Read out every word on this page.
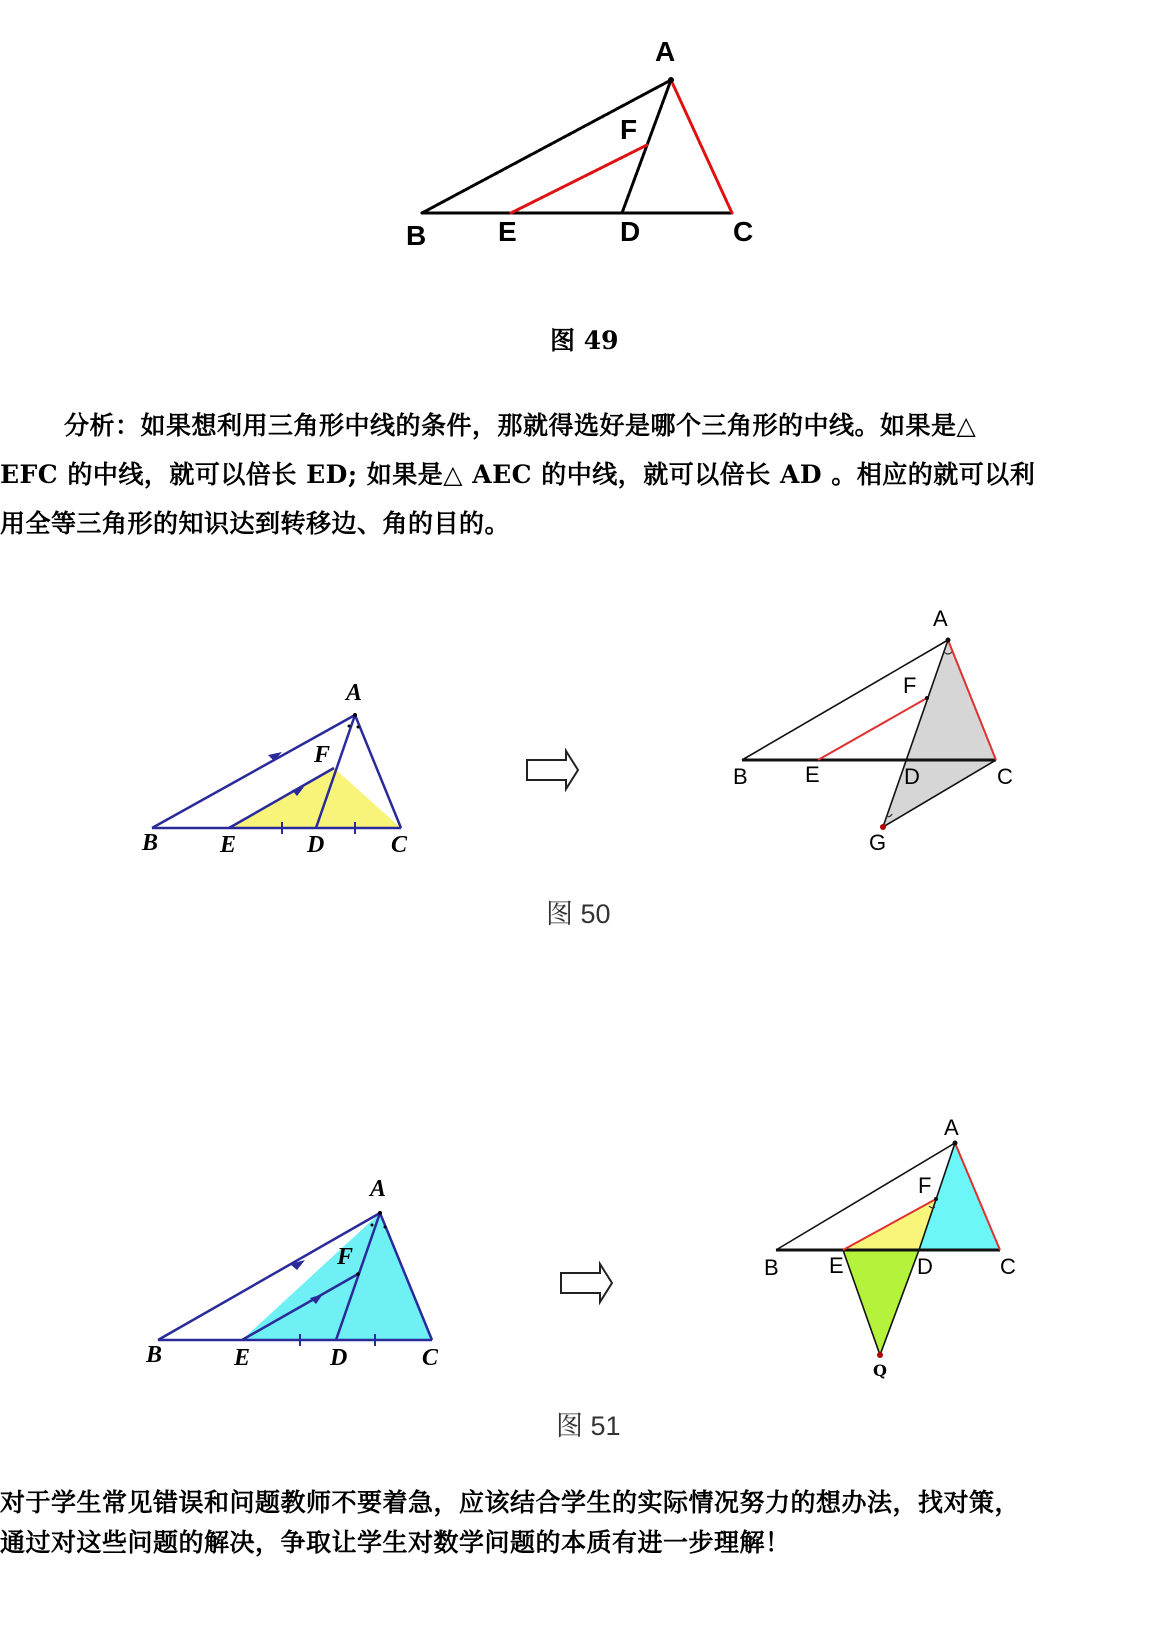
A
F
B	E	D	C
图 49
分析：如果想利用三角形中线的条件，那就得选好是哪个三角形的中线。如果是△
EFC 的中线，就可以倍长 ED; 如果是△ AEC 的中线，就可以倍长 AD 。相应的就可以利
用全等三角形的知识达到转移边、角的目的。
A
F
B	E	D	C
A
F
B	E	D	C
G
图 50
A
F
B	E	D	C
A
F
B E	D	C
Q
图 51
对于学生常见错误和问题教师不要着急，应该结合学生的实际情况努力的想办法，找对策，
通过对这些问题的解决，争取让学生对数学问题的本质有进一步理解！
